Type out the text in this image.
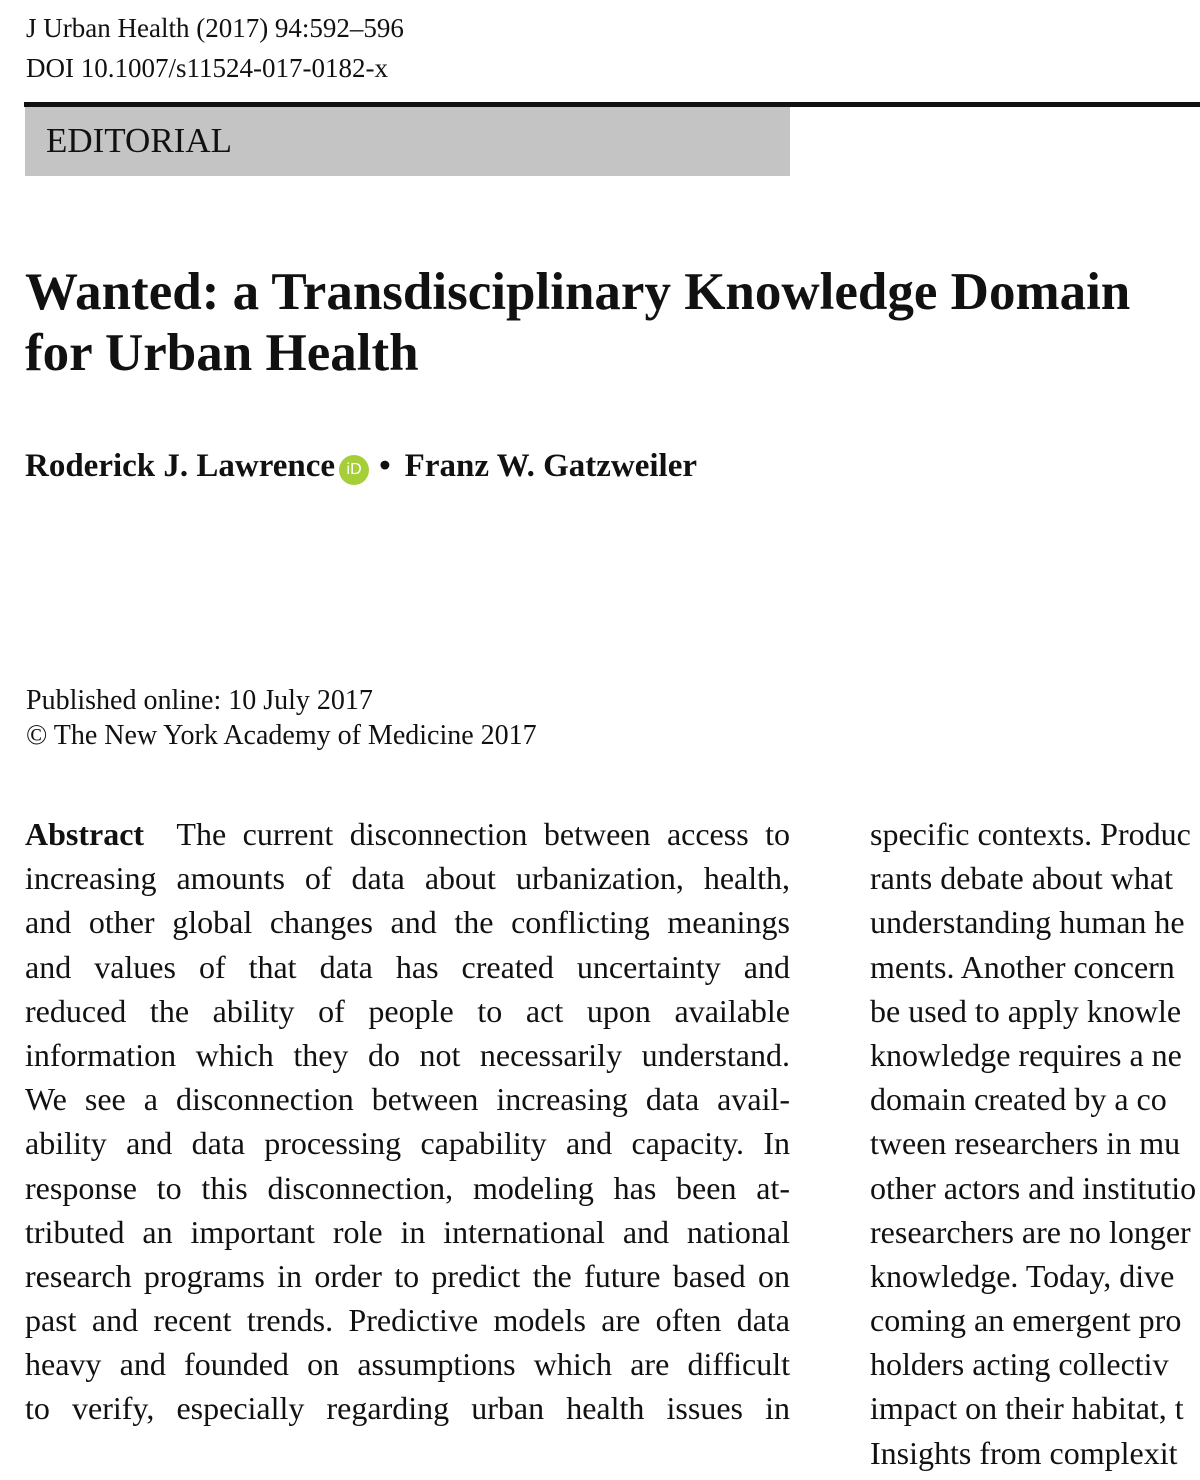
J Urban Health (2017) 94:592–596
DOI 10.1007/s11524-017-0182-x
EDITORIAL
Wanted: a Transdisciplinary Knowledge Domain
for Urban Health
Roderick J. Lawrence iD • Franz W. Gatzweiler
Published online: 10 July 2017
© The New York Academy of Medicine 2017
Abstract The current disconnection between access to
increasing amounts of data about urbanization, health,
and other global changes and the conflicting meanings
and values of that data has created uncertainty and
reduced the ability of people to act upon available
information which they do not necessarily understand.
We see a disconnection between increasing data avail-
ability and data processing capability and capacity. In
response to this disconnection, modeling has been at-
tributed an important role in international and national
research programs in order to predict the future based on
past and recent trends. Predictive models are often data
heavy and founded on assumptions which are difficult
to verify, especially regarding urban health issues in
specific contexts. Produc
rants debate about what
understanding human he
ments. Another concern
be used to apply knowle
knowledge requires a ne
domain created by a co
tween researchers in mu
other actors and institutio
researchers are no longer
knowledge. Today, dive
coming an emergent pro
holders acting collectiv
impact on their habitat, t
Insights from complexit
